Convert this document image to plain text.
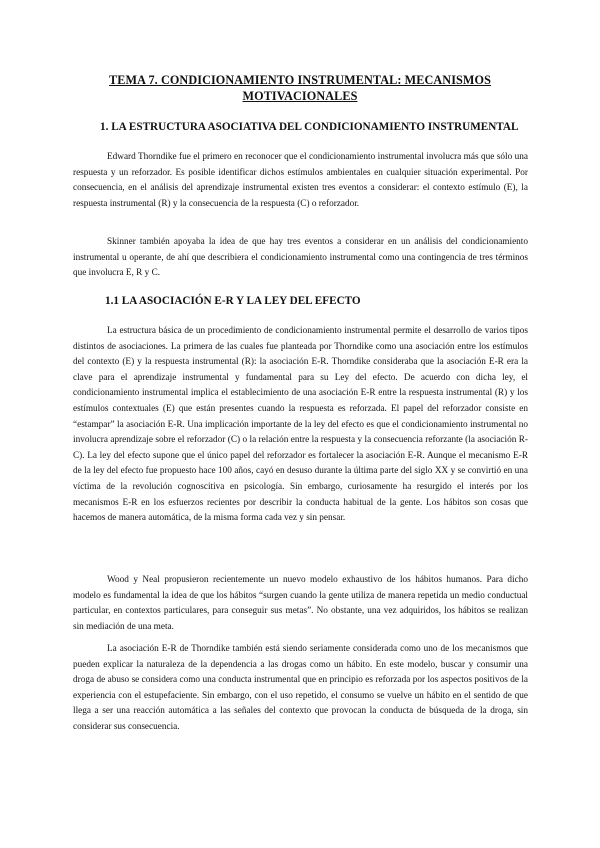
TEMA 7. CONDICIONAMIENTO INSTRUMENTAL: MECANISMOS MOTIVACIONALES
1. LA ESTRUCTURA ASOCIATIVA DEL CONDICIONAMIENTO INSTRUMENTAL

Edward Thorndike fue el primero en reconocer que el condicionamiento instrumental involucra más que sólo una respuesta y un reforzador. Es posible identificar dichos estímulos ambientales en cualquier situación experimental. Por consecuencia, en el análisis del aprendizaje instrumental existen tres eventos a considerar: el contexto estímulo (E), la respuesta instrumental (R) y la consecuencia de la respuesta (C) o reforzador.

Skinner también apoyaba la idea de que hay tres eventos a considerar en un análisis del condicionamiento instrumental u operante, de ahí que describiera el condicionamiento instrumental como una contingencia de tres términos que involucra E, R y C.

1.1 LA ASOCIACIÓN E-R Y LA LEY DEL EFECTO

La estructura básica de un procedimiento de condicionamiento instrumental permite el desarrollo de varios tipos distintos de asociaciones. La primera de las cuales fue planteada por Thorndike como una asociación entre los estímulos del contexto (E) y la respuesta instrumental (R): la asociación E-R. Thorndike consideraba que la asociación E-R era la clave para el aprendizaje instrumental y fundamental para su Ley del efecto. De acuerdo con dicha ley, el condicionamiento instrumental implica el establecimiento de una asociación E-R entre la respuesta instrumental (R) y los estímulos contextuales (E) que están presentes cuando la respuesta es reforzada. El papel del reforzador consiste en “estampar” la asociación E-R. Una implicación importante de la ley del efecto es que el condicionamiento instrumental no involucra aprendizaje sobre el reforzador (C) o la relación entre la respuesta y la consecuencia reforzante (la asociación R-C). La ley del efecto supone que el único papel del reforzador es fortalecer la asociación E-R. Aunque el mecanismo E-R de la ley del efecto fue propuesto hace 100 años, cayó en desuso durante la última parte del siglo XX y se convirtió en una víctima de la revolución cognoscitiva en psicología. Sin embargo, curiosamente ha resurgido el interés por los mecanismos E-R en los esfuerzos recientes por describir la conducta habitual de la gente. Los hábitos son cosas que hacemos de manera automática, de la misma forma cada vez y sin pensar.

Wood y Neal propusieron recientemente un nuevo modelo exhaustivo de los hábitos humanos. Para dicho modelo es fundamental la idea de que los hábitos “surgen cuando la gente utiliza de manera repetida un medio conductual particular, en contextos particulares, para conseguir sus metas”. No obstante, una vez adquiridos, los hábitos se realizan sin mediación de una meta.

La asociación E-R de Thorndike también está siendo seriamente considerada como uno de los mecanismos que pueden explicar la naturaleza de la dependencia a las drogas como un hábito. En este modelo, buscar y consumir una droga de abuso se considera como una conducta instrumental que en principio es reforzada por los aspectos positivos de la experiencia con el estupefaciente. Sin embargo, con el uso repetido, el consumo se vuelve un hábito en el sentido de que llega a ser una reacción automática a las señales del contexto que provocan la conducta de búsqueda de la droga, sin considerar sus consecuencia.
